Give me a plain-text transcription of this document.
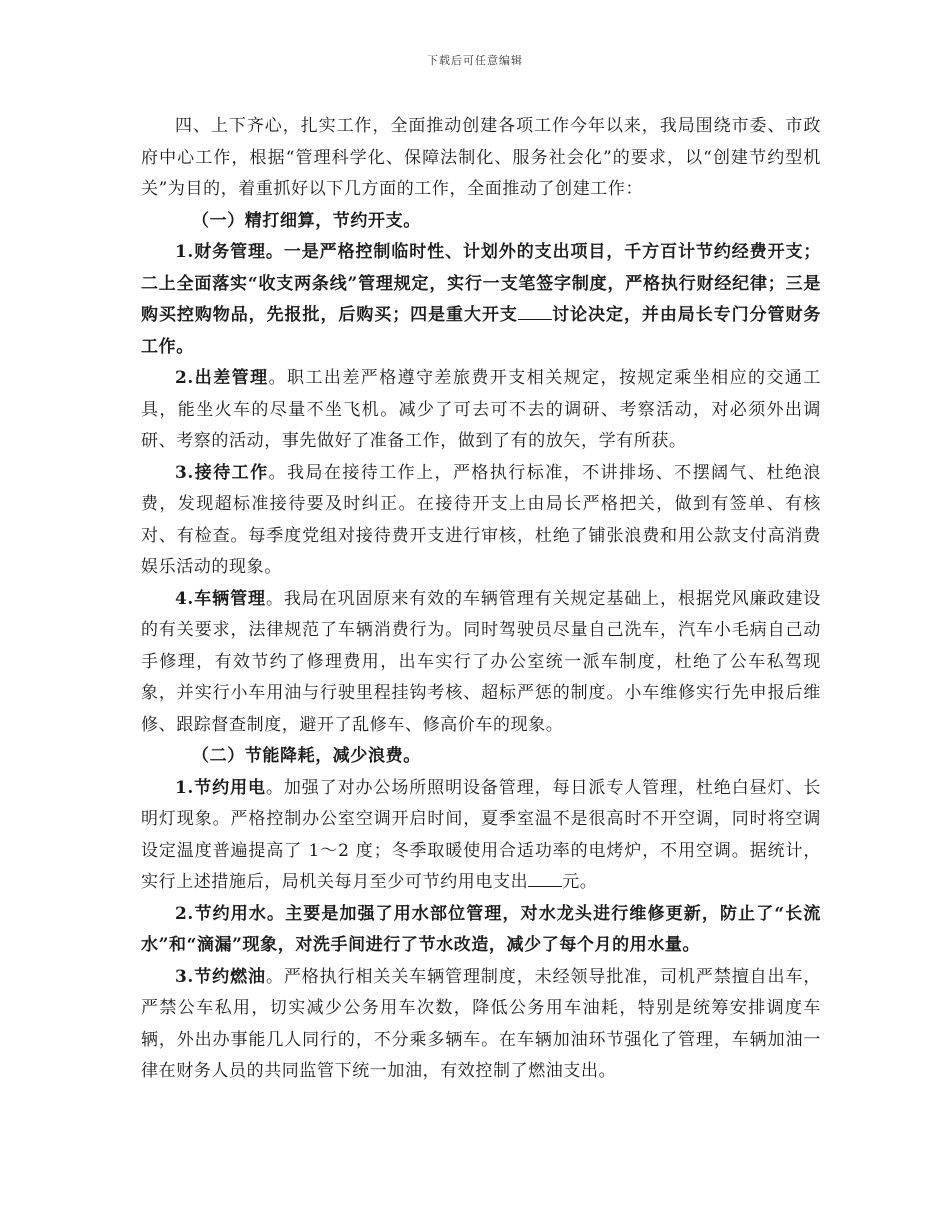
下载后可任意编辑

四、上下齐心，扎实工作，全面推动创建各项工作今年以来，我局围绕市委、市政府中心工作，根据“管理科学化、保障法制化、服务社会化”的要求，以“创建节约型机关”为目的，着重抓好以下几方面的工作，全面推动了创建工作：

（一）精打细算，节约开支。

1.财务管理。一是严格控制临时性、计划外的支出项目，千方百计节约经费开支；二上全面落实“收支两条线”管理规定，实行一支笔签字制度，严格执行财经纪律；三是购买控购物品，先报批，后购买；四是重大开支 讨论决定，并由局长专门分管财务工作。

2.出差管理。职工出差严格遵守差旅费开支相关规定，按规定乘坐相应的交通工具，能坐火车的尽量不坐飞机。减少了可去可不去的调研、考察活动，对必须外出调研、考察的活动，事先做好了准备工作，做到了有的放矢，学有所获。

3.接待工作。我局在接待工作上，严格执行标准，不讲排场、不摆阔气、杜绝浪费，发现超标准接待要及时纠正。在接待开支上由局长严格把关，做到有签单、有核对、有检查。每季度党组对接待费开支进行审核，杜绝了铺张浪费和用公款支付高消费娱乐活动的现象。

4.车辆管理。我局在巩固原来有效的车辆管理有关规定基础上，根据党风廉政建设的有关要求，法律规范了车辆消费行为。同时驾驶员尽量自己洗车，汽车小毛病自己动手修理，有效节约了修理费用，出车实行了办公室统一派车制度，杜绝了公车私驾现象，并实行小车用油与行驶里程挂钩考核、超标严惩的制度。小车维修实行先申报后维修、跟踪督查制度，避开了乱修车、修高价车的现象。

（二）节能降耗，减少浪费。

1.节约用电。加强了对办公场所照明设备管理，每日派专人管理，杜绝白昼灯、长明灯现象。严格控制办公室空调开启时间，夏季室温不是很高时不开空调，同时将空调设定温度普遍提高了 1～2 度；冬季取暖使用合适功率的电烤炉，不用空调。据统计，实行上述措施后，局机关每月至少可节约用电支出 元。

2.节约用水。主要是加强了用水部位管理，对水龙头进行维修更新，防止了“长流水”和“滴漏”现象，对洗手间进行了节水改造，减少了每个月的用水量。

3.节约燃油。严格执行相关关车辆管理制度，未经领导批准，司机严禁擅自出车，严禁公车私用，切实减少公务用车次数，降低公务用车油耗，特别是统筹安排调度车辆，外出办事能几人同行的，不分乘多辆车。在车辆加油环节强化了管理，车辆加油一律在财务人员的共同监管下统一加油，有效控制了燃油支出。
